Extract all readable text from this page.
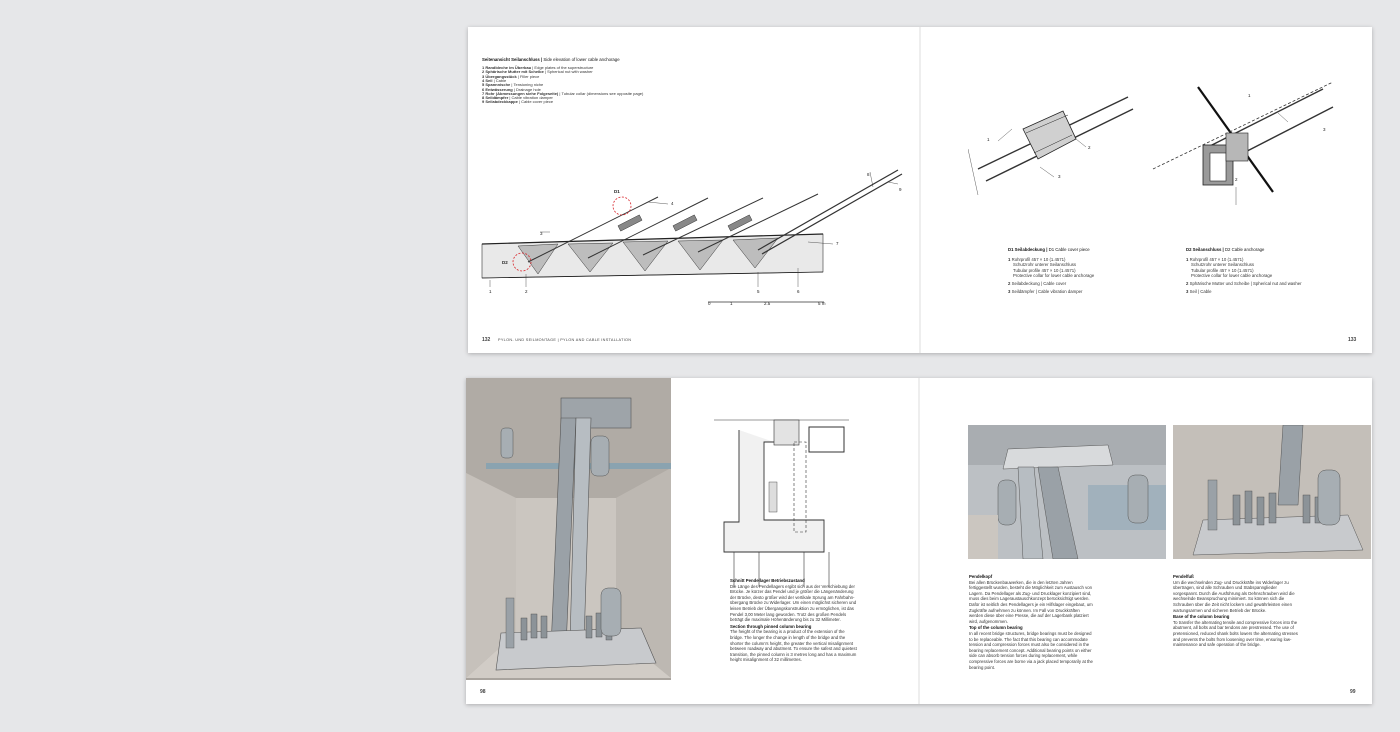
Seitenansicht Seilanschluss | Side elevation of lower cable anchorage
1 Randbleche im Überbau | Edge plates of the superstructure
2 Sphärische Mutter mit Scheibe | Spherical nut with washer
3 Übergangsstück | Filler piece
4 Seil | Cable
5 Spannnische | Tensioning niche
6 Entwässerung | Drainage hole
7 Rohr (Abmessungen siehe Folgeseite) | Tubular collar (dimensions see opposite page)
8 Seildämpfer | Cable vibration damper
9 Seilabdeckkappe | Cable cover piece
1	2
3
4
5	6
7
8
9
D1
D2
0	1	2.5	5 m
132 PYLON- UND SEILMONTAGE | PYLON AND CABLE INSTALLATION
1
2
3
1
2
3
D1 Seilabdeckung | D1 Cable cover piece
1 Rohrprofil 457 × 10 (1.4571)
Schutzrohr unterer Seilanschluss
Tubular profile 457 × 10 (1.4571)
Protective collar for lower cable anchorage
2 Seilabdeckung | Cable cover
3 Seildämpfer | Cable vibration damper
D2 Seilanschluss | D2 Cable anchorage
1 Rohrprofil 457 × 10 (1.4571)
Schutzrohr unterer Seilanschluss
Tubular profile 457 × 10 (1.4571)
Protective collar for lower cable anchorage
2 Sphärische Mutter und Scheibe | Spherical nut and washer
3 Seil | Cable
133
Schnitt Pendellager Betriebszustand
Die Länge des Pendellagers ergibt sich aus der Verschiebung der Brücke. Je kürzer das Pendel und je größer die Längenänderung der Brücke, desto größer wird der vertikale Sprung am Fahrbahn-übergang Brücke zu Widerlager. Um einen möglichst sicheren und leisen Betrieb der Übergangskonstruktion zu ermöglichen, ist das Pendel 3,00 Meter lang geworden. Trotz des großen Pendels beträgt die maximale Höhenänderung bis zu 32 Millimeter.
Section through pinned column bearing
The height of the bearing is a product of the extension of the bridge. The longer the change in length of the bridge and the shorter the column's height, the greater the vertical misalignment between roadway and abutment. To ensure the safest and quietest transition, the pinned column is 3 metres long and has a maximum height misalignment of 32 millimetres.
98
Pendelkopf
Bei allen Brückenbauwerken, die in den letzten Jahren fertiggestellt wurden, besteht die Möglichkeit zum Austausch von Lagern. Da Pendellager als Zug- und Drucklager konzipiert sind, muss dies beim Lageraustauschkonzept berücksichtigt werden. Dafür ist seitlich des Pendellagers je ein Hilfslager eingebaut, um Zugkräfte aufnehmen zu können. Im Fall von Druckkräften werden diese über eine Presse, die auf der Lagerbank platziert wird, aufgenommen.
Top of the column bearing
In all recent bridge structures, bridge bearings must be designed to be replaceable. The fact that this bearing can accommodate tension and compression forces must also be considered in the bearing replacement concept. Additional bearing points on either side can absorb tension forces during replacement, while compressive forces are borne via a jack placed temporarily at the bearing point.
Pendelfuß
Um die wechselnden Zug- und Druckkräfte ins Widerlager zu übertragen, sind alle Schrauben und Stabspannglieder vorgespannt. Durch die Ausführung als Dehnschrauben wird die wechselnde Beanspruchung minimiert. So können sich die Schrauben über die Zeit nicht lockern und gewährleisten einen wartungsarmen und sicheren Betrieb der Brücke.
Base of the column bearing
To transfer the alternating tensile and compressive forces into the abutment, all bolts and bar tendons are prestressed. The use of pretensioned, reduced shank bolts lowers the alternating stresses and prevents the bolts from loosening over time, ensuring low-maintenance and safe operation of the bridge.
99
